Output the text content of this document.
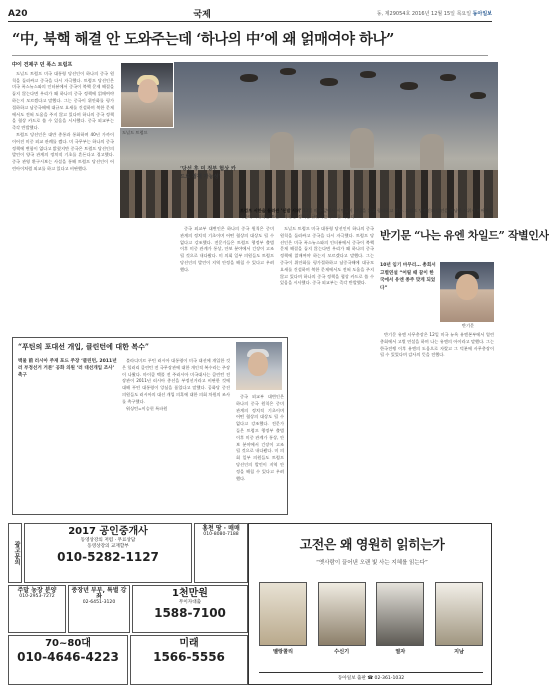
A20	국제	동, 제29054호 2016년 12월 15일 목요일 동아일보
“中, 북핵 해결 안 도와주는데 ‘하나의 中’에 왜 얽매여야 하나”
中이 견제구 던 폭스 트럼프

도널드 트럼프 미국 대통령 당선인이 하나의 중국 원칙을 둘러싸고 중국을 다시 자극했다. 트럼프 당선인은 미국 폭스뉴스와의 인터뷰에서 중국이 북핵 문제 해결을 돕지 않는다면 우리가 왜 하나의 중국 정책에 얽매여야 하는지 모르겠다고 말했다. 그는 중국이 위안화를 평가절하하고 남중국해에 대규모 요새를 건설하며 북한 문제에서도 전혀 도움을 주지 않고 있다며 하나의 중국 정책을 협상 카드로 쓸 수 있음을 시사했다. 중국 외교부는 즉각 반발했다.

트럼프 당선인은 대만 총통과 통화하며 40년 가까이 이어진 미중 외교 관례를 깼다. 미 국무부는 하나의 중국 정책에 변함이 없다고 밝혔지만 중국은 트럼프 당선인의 발언이 양국 관계의 정치적 기초를 흔든다고 경고했다. 중국 관영 환구시보는 사설을 통해 트럼프 당선인이 어린아이처럼 외교를 하고 있다고 비판했다.

도널드 트럼프
‘당선 후 미 정부 협상 카드로 정책 가능성’
트럼프 서한을 둘러싼 ‘신발 시위’ 13일 미국 앞에서 시민들이 신발을 들고 항의하고 있다. 트럼프 당선인의 발언을 겨냥한 시위가 이어지는 가운데 시위대는 트럼프의 중동 정책을 규탄하는 구호를 외쳤다.

중국 외교부 대변인은 하나의 중국 원칙은 중미 관계의 정치적 기초이며 어떤 협상의 대상도 될 수 없다고 강조했다. 전문가들은 트럼프 행정부 출범 이후 미중 관계가 통상, 안보 분야에서 긴장이 고조될 것으로 내다봤다. 미 의회 일부 의원들도 트럼프 당선인의 발언이 지역 안정을 해칠 수 있다고 우려했다.

도널드 트럼프 미국 대통령 당선인이 하나의 중국 원칙을 둘러싸고 중국을 다시 자극했다. 트럼프 당선인은 미국 폭스뉴스와의 인터뷰에서 중국이 북핵 문제 해결을 돕지 않는다면 우리가 왜 하나의 중국 정책에 얽매여야 하는지 모르겠다고 말했다. 그는 중국이 위안화를 평가절하하고 남중국해에 대규모 요새를 건설하며 북한 문제에서도 전혀 도움을 주지 않고 있다며 하나의 중국 정책을 협상 카드로 쓸 수 있음을 시사했다. 중국 외교부는 즉각 반발했다.

반기문 “나는 유엔 차일드” 작별인사
10년 임기 마무리… 총회서 고별연설 “어릴 때 꿈이 한국에서 유엔 종주 맞게 되었다”
반기문

반기문 유엔 사무총장은 12일 미국 뉴욕 유엔본부에서 열린 총회에서 고별 연설을 하며 나는 유엔의 아이라고 말했다. 그는 한국전쟁 이후 유엔의 도움으로 자랐고 그 덕분에 사무총장이 될 수 있었다며 감사의 뜻을 전했다.

“푸틴의 포대선 개입, 클린턴에 대한 복수”
백물 前 러시아 주재 포드 주장 ‘클린턴, 2011년 러 부정선거 거론’ 공화 의원 ‘러 대선개입 조사’ 촉구

블라디미르 푸틴 러시아 대통령이 미국 대선에 개입한 것은 힐러리 클린턴 전 국무장관에 대한 개인적 복수라는 주장이 나왔다. 마이클 맥폴 전 주러시아 미국대사는 클린턴 전 장관이 2011년 러시아 총선을 부정선거라고 비판한 것에 대해 푸틴 대통령이 앙심을 품었다고 말했다. 공화당 중진 의원들도 러시아의 대선 개입 의혹에 대한 의회 차원의 조사를 촉구했다.

워싱턴=이승헌 특파원

중국 외교부 대변인은 하나의 중국 원칙은 중미 관계의 정치적 기초이며 어떤 협상의 대상도 될 수 없다고 강조했다. 전문가들은 트럼프 행정부 출범 이후 미중 관계가 통상, 안보 분야에서 긴장이 고조될 것으로 내다봤다. 미 의회 일부 의원들도 트럼프 당선인의 발언이 지역 안정을 해칠 수 있다고 우려했다.

광고문의
2017 공인중개사
동영상강의 저렴 · 무료상담
동영상강의 교재할부
010-5282-1127
홍천 땅 · 매매
010-8080-7188
주말 농장 분양
010-2953-7272
중장년 부부, 특별 강좌
02-6451-3120
1천만원
무이자대출
1588-7100
70~80대
010-4646-4223
미래
1566-5556
고전은 왜 영원히 읽히는가
“옛사람이 끌어낸 오랜 빛 사는 지혜를 읽는다”
멜랑콜리	수신기	열자	지남
동아일보 출판 ☎ 02-361-1032
